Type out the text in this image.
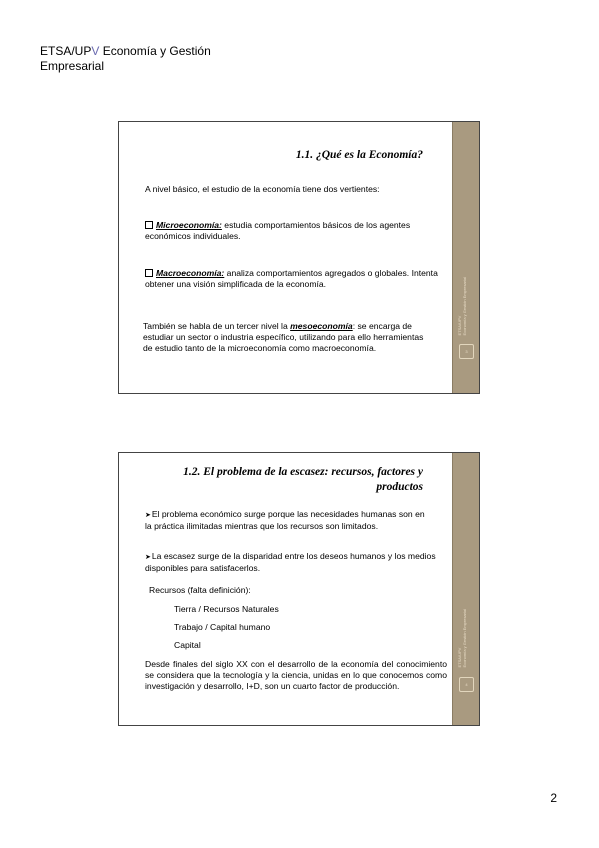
ETSA/UPV Economía y Gestión
Empresarial
1.1. ¿Qué es la Economía?
A nivel básico, el estudio de la economía tiene dos vertientes:
Microeconomía: estudia comportamientos básicos de los agentes económicos individuales.
Macroeconomía: analiza comportamientos agregados o globales. Intenta obtener una visión simplificada de la economía.
También se habla de un tercer nivel la mesoeconomía: se encarga de estudiar un sector o industria específico, utilizando para ello herramientas de estudio tanto de la microeconomía como macroeconomía.
ETSA/UPV Economía y Gestión Empresarial
3
1.2. El problema de la escasez: recursos, factores y
productos
➤El problema económico surge porque las necesidades humanas son en la práctica ilimitadas mientras que los recursos son limitados.
➤La escasez surge de la disparidad entre los deseos humanos y los medios disponibles para satisfacerlos.
Recursos (falta definición):
Tierra / Recursos Naturales
Trabajo / Capital humano
Capital
Desde finales del siglo XX con el desarrollo de la economía del conocimiento se considera que la tecnología y la ciencia, unidas en lo que conocemos como investigación y desarrollo, I+D, son un cuarto factor de producción.
ETSA/UPV Economía y Gestión Empresarial
4
2
